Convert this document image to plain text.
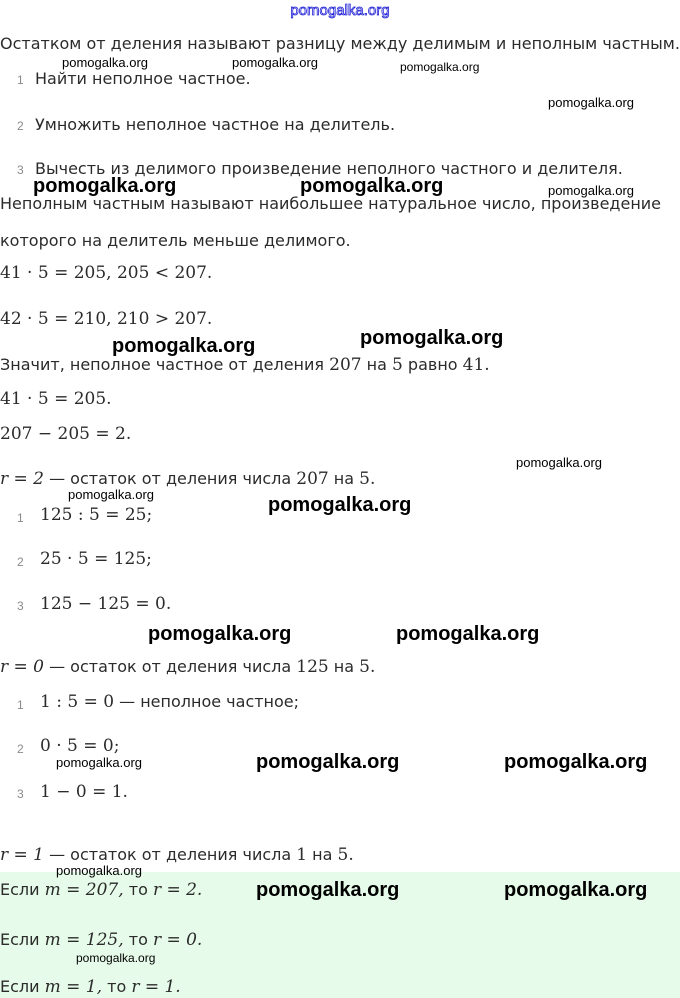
pomogalka.org
Остатком от деления называют разницу между делимым и неполным частным.
1 Найти неполное частное.
2 Умножить неполное частное на делитель.
3 Вычесть из делимого произведение неполного частного и делителя.
Неполным частным называют наибольшее натуральное число, произведение
которого на делитель меньше делимого.
41 · 5 = 205, 205 < 207.
42 · 5 = 210, 210 > 207.
Значит, неполное частное от деления 207 на 5 равно 41.
41 · 5 = 205.
207 − 205 = 2.
r = 2 — остаток от деления числа 207 на 5.
1 125 : 5 = 25;
2 25 · 5 = 125;
3 125 − 125 = 0.
r = 0 — остаток от деления числа 125 на 5.
1 1 : 5 = 0 — неполное частное;
2 0 · 5 = 0;
3 1 − 0 = 1.
r = 1 — остаток от деления числа 1 на 5.
Если m = 207, то r = 2.
Если m = 125, то r = 0.
Если m = 1, то r = 1.
pomogalka.org	pomogalka.org	pomogalka.org
pomogalka.org
pomogalka.org	pomogalka.org	pomogalka.org
pomogalka.org
pomogalka.org
pomogalka.org
pomogalka.org	pomogalka.org
pomogalka.org	pomogalka.org
pomogalka.org	pomogalka.org	pomogalka.org
pomogalka.org
pomogalka.org	pomogalka.org
pomogalka.org
